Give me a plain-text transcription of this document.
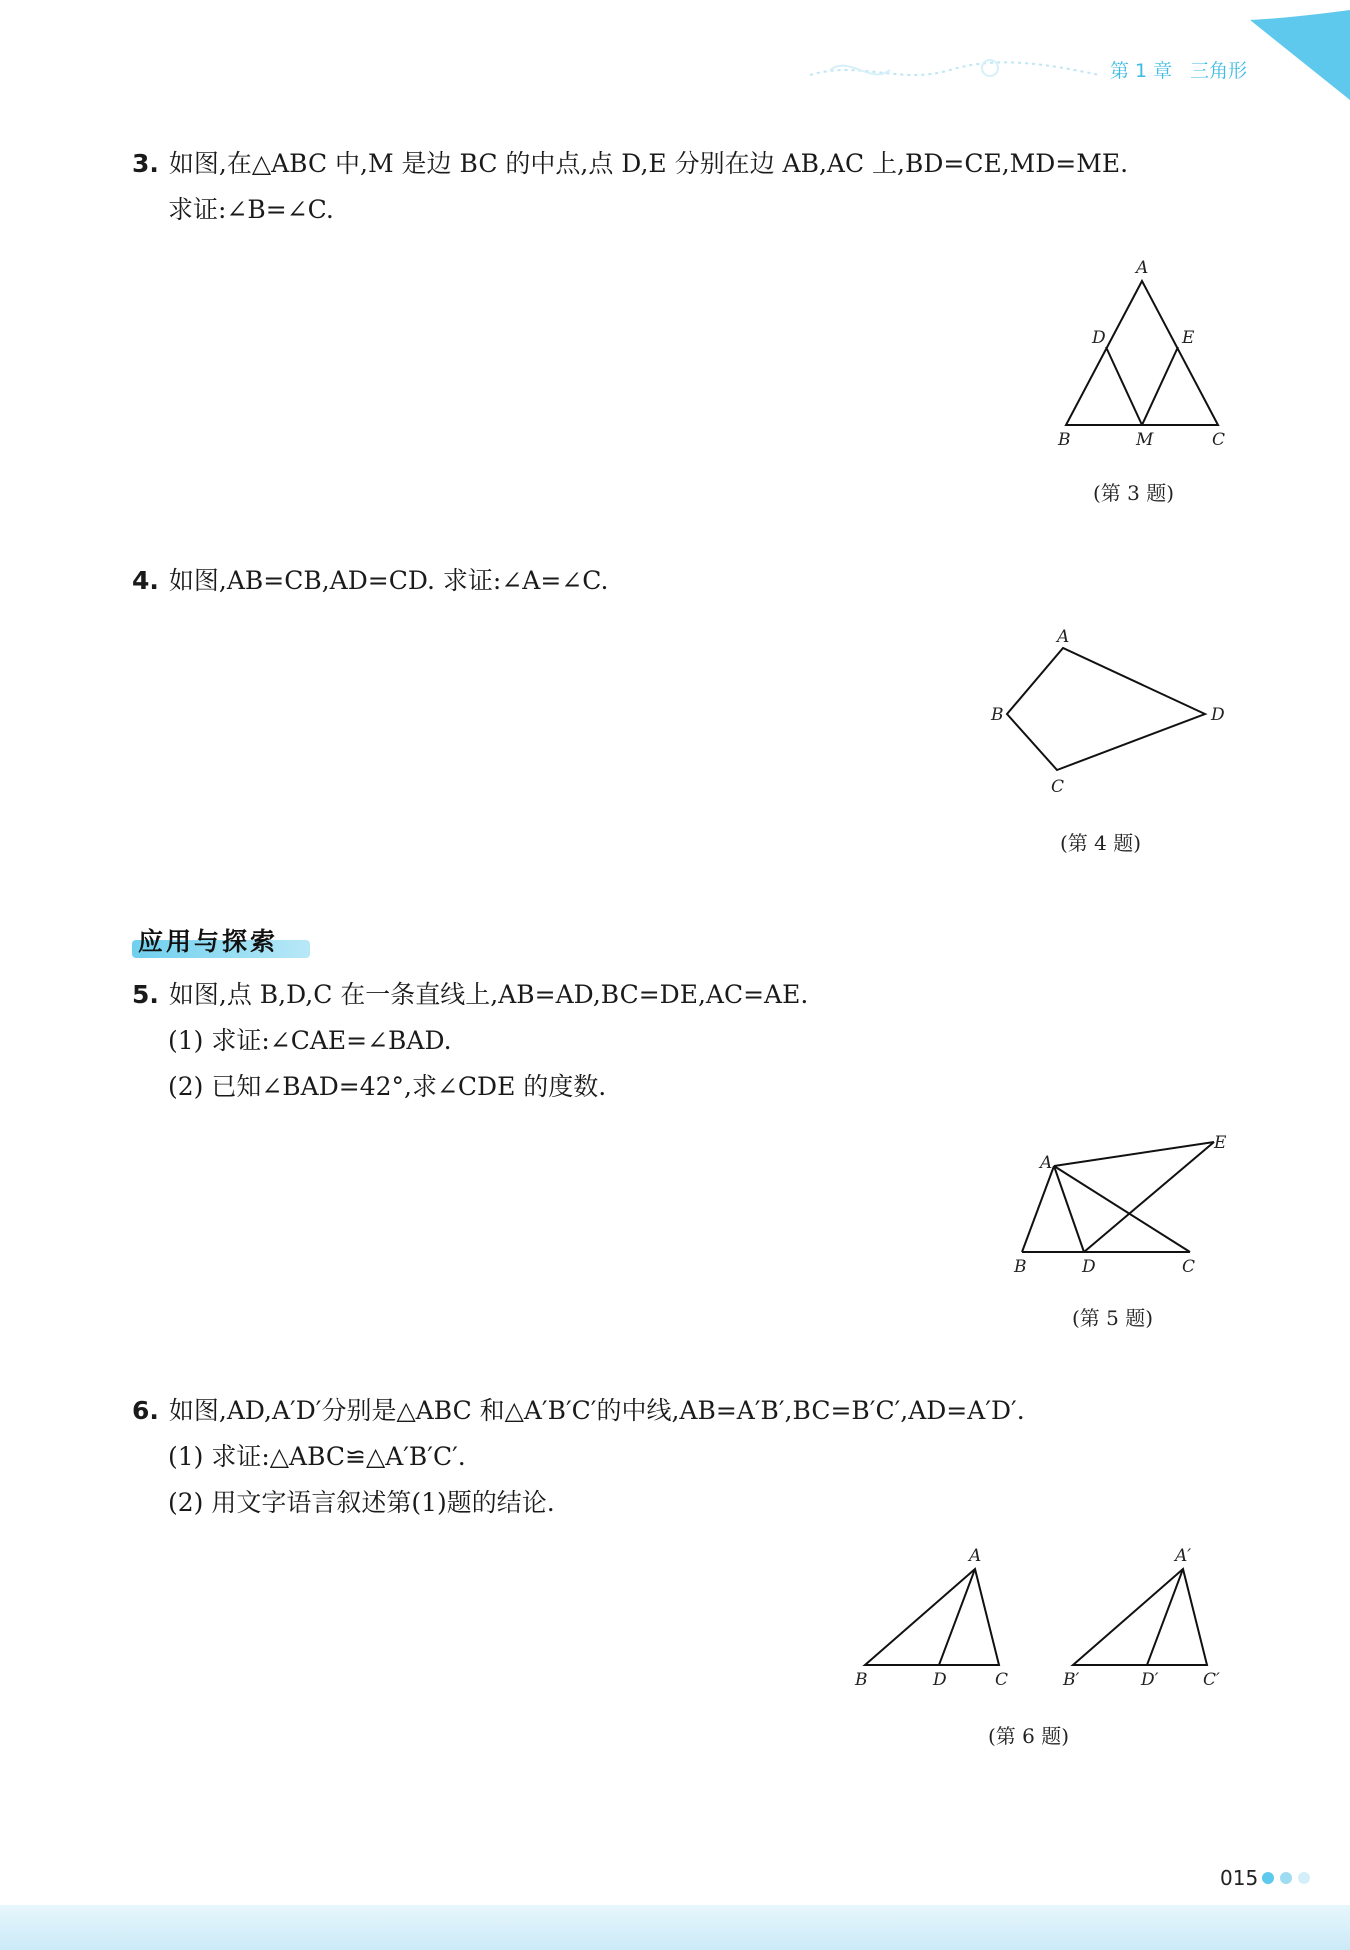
第 1 章 三角形
3. 如图,在△ABC 中,M 是边 BC 的中点,点 D,E 分别在边 AB,AC 上,BD=CE,MD=ME.
求证:∠B=∠C.
A
D	E
B	M	C
(第 3 题)
4. 如图,AB=CB,AD=CD. 求证:∠A=∠C.
A
B	D
C
(第 4 题)
应用与探索
5. 如图,点 B,D,C 在一条直线上,AB=AD,BC=DE,AC=AE.
(1) 求证:∠CAE=∠BAD.
(2) 已知∠BAD=42°,求∠CDE 的度数.
A
E
B	D	C
(第 5 题)
6. 如图,AD,A′D′分别是△ABC 和△A′B′C′的中线,AB=A′B′,BC=B′C′,AD=A′D′.
(1) 求证:△ABC≌△A′B′C′.
(2) 用文字语言叙述第(1)题的结论.
A
B	D	C
A′
B′	D′	C′
(第 6 题)
015
